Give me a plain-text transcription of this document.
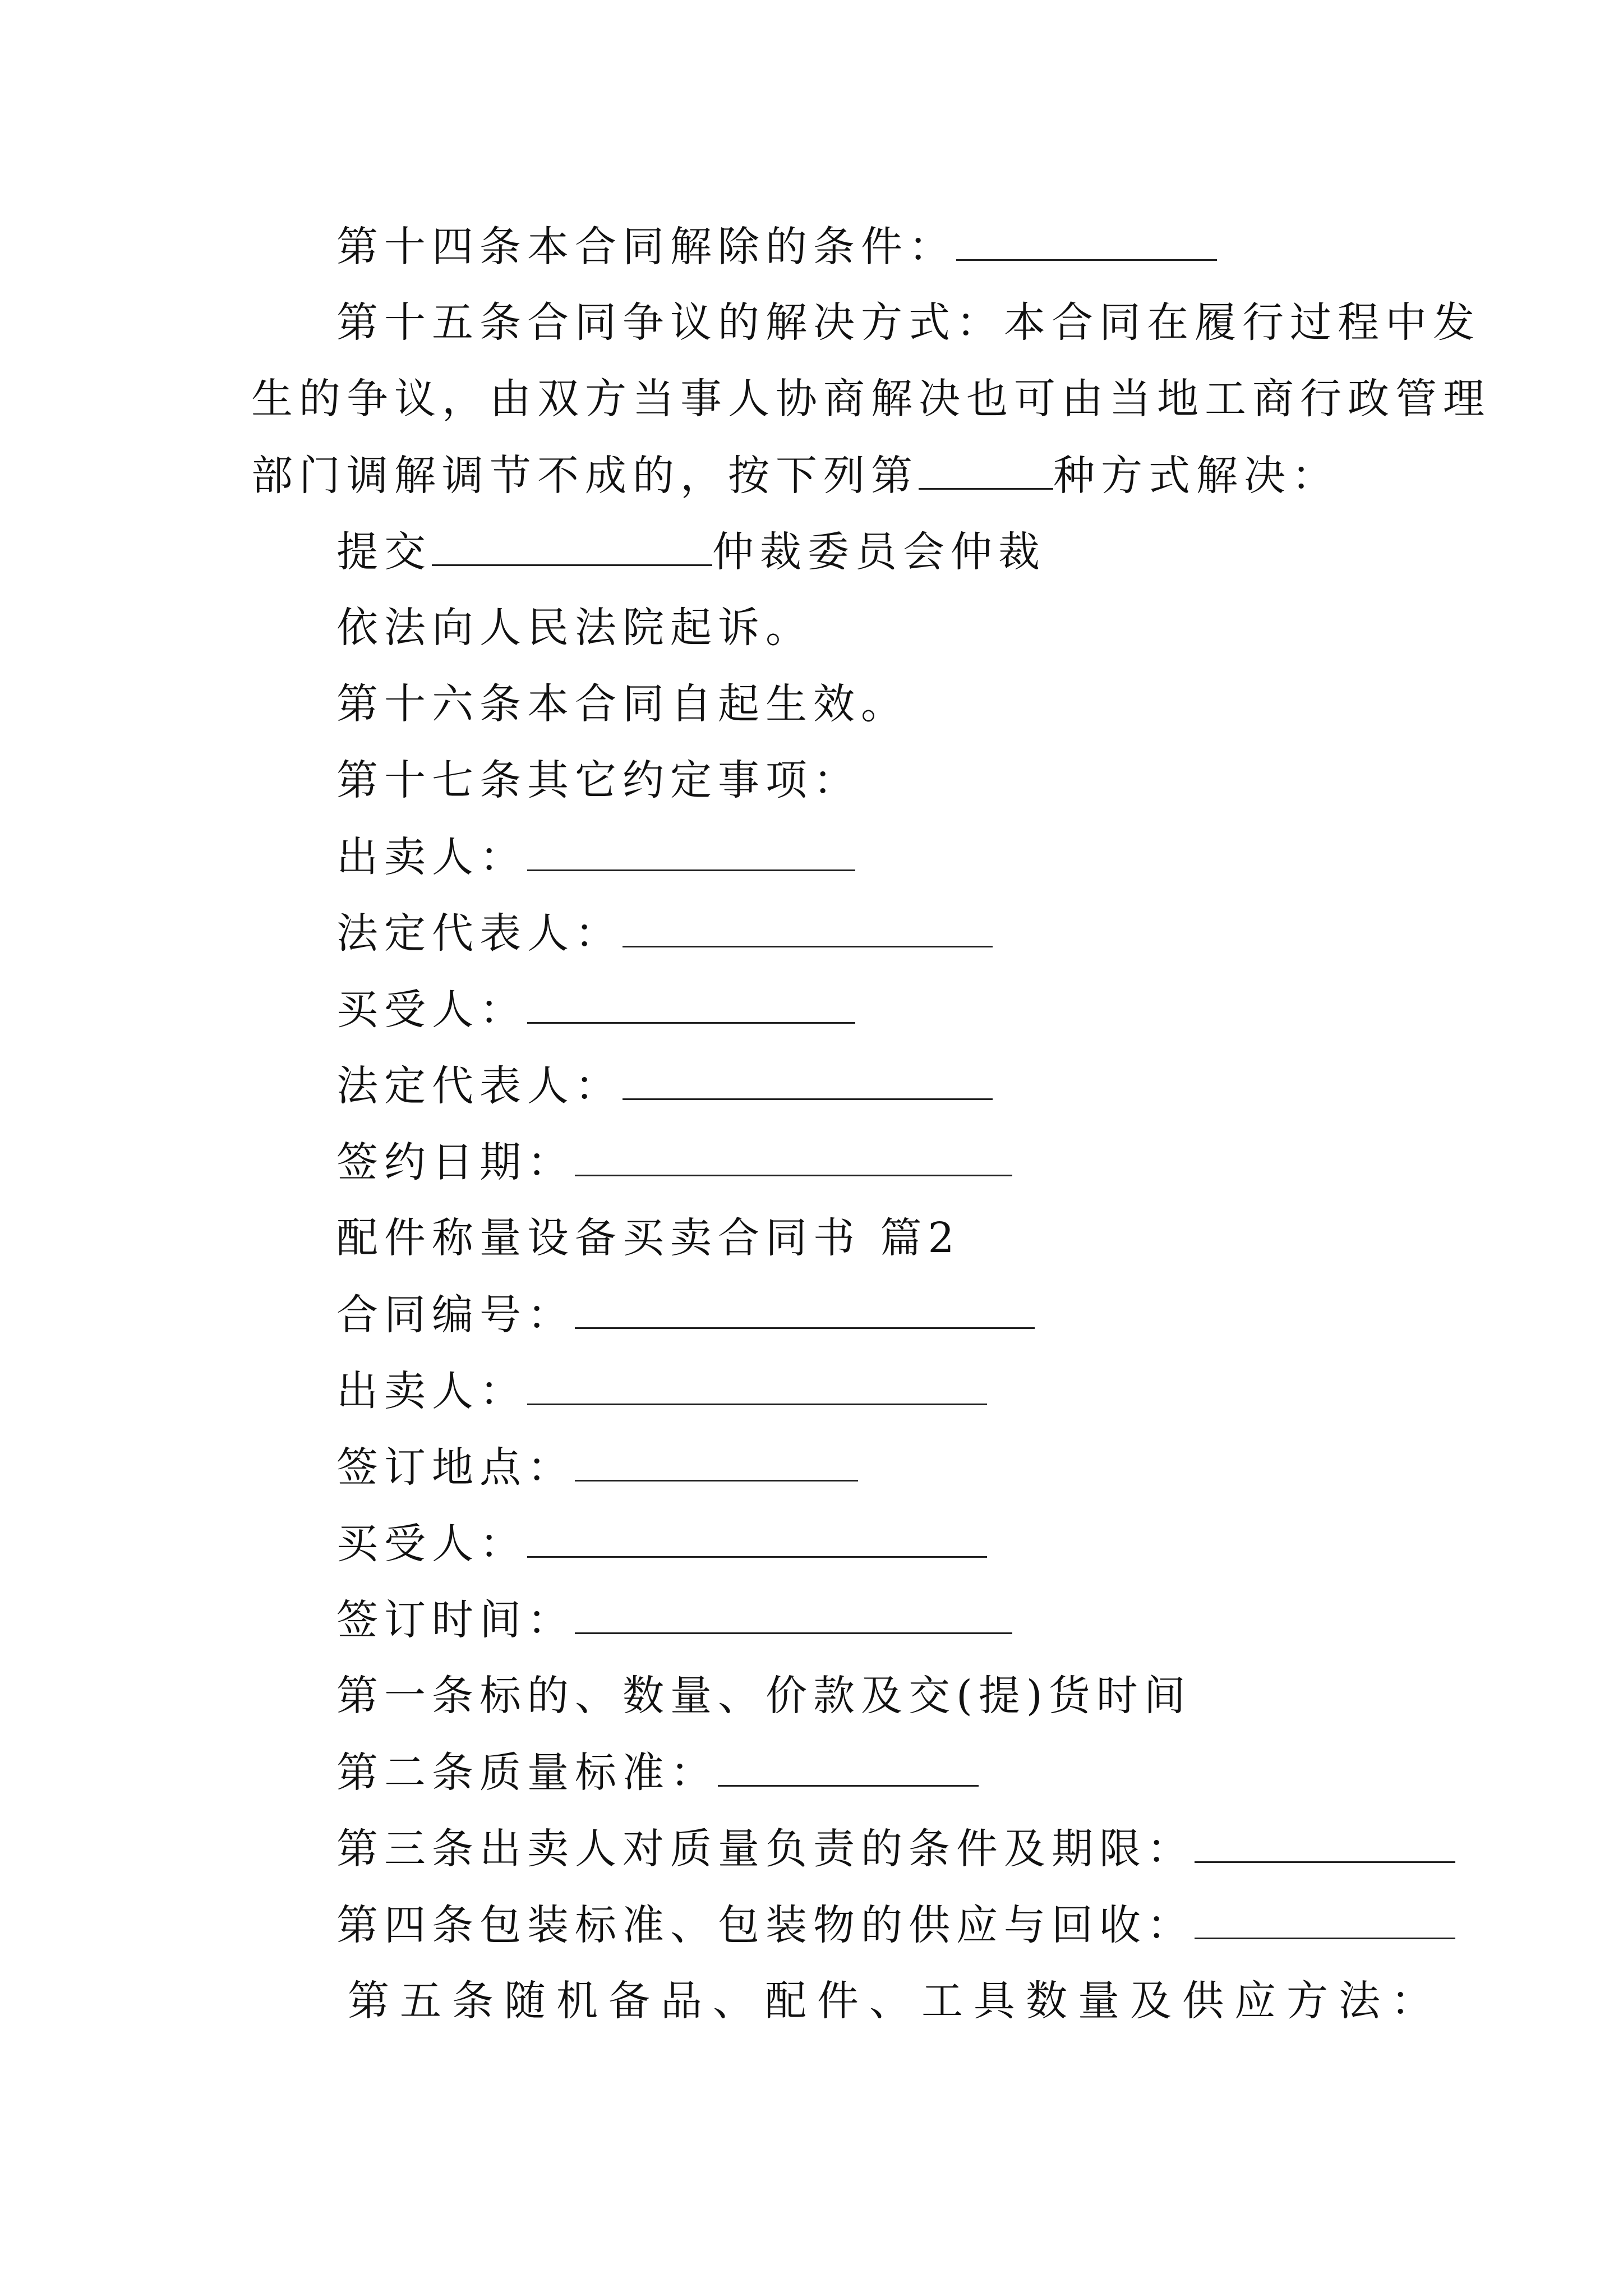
第十四条本合同解除的条件：
第十五条合同争议的解决方式：本合同在履行过程中发
生的争议，由双方当事人协商解决也可由当地工商行政管理
部门调解调节不成的，按下列第	种方式解决：
提交	仲裁委员会仲裁
依法向人民法院起诉。
第十六条本合同自起生效。
第十七条其它约定事项：
出卖人：
法定代表人：
买受人：
法定代表人：
签约日期：
配件称量设备买卖合同书 篇2
合同编号：
出卖人：
签订地点：
买受人：
签订时间：
第一条标的、数量、价款及交(提)货时间
第二条质量标准：
第三条出卖人对质量负责的条件及期限：
第四条包装标准、包装物的供应与回收：
第五条随机备品、配件、工具数量及供应方法：
